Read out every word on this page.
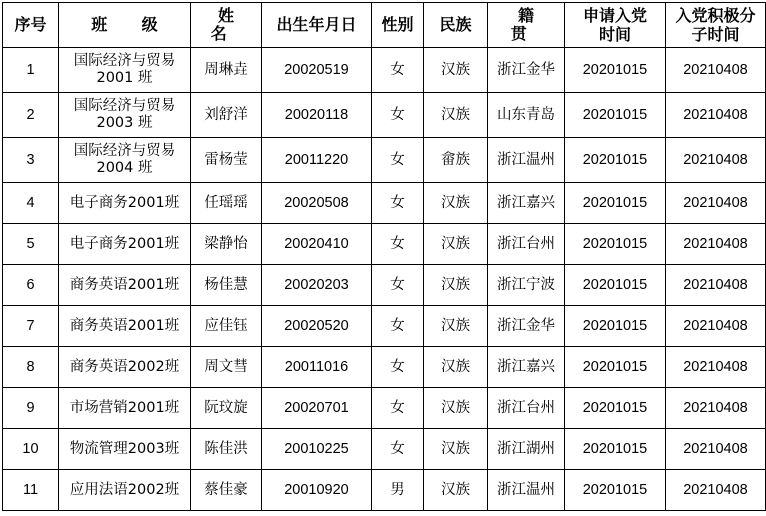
序号	班 级	姓 名	出生年月日	性别	民族	籍 贯	申请入党时间	入党积极分子时间
1	国际经济与贸易2001 班	周琳垚	20020519	女	汉族	浙江金华	20201015	20210408
2	国际经济与贸易2003 班	刘舒洋	20020118	女	汉族	山东青岛	20201015	20210408
3	国际经济与贸易2004 班	雷杨莹	20011220	女	畲族	浙江温州	20201015	20210408
4	电子商务2001班	任瑶瑶	20020508	女	汉族	浙江嘉兴	20201015	20210408
5	电子商务2001班	梁静怡	20020410	女	汉族	浙江台州	20201015	20210408
6	商务英语2001班	杨佳慧	20020203	女	汉族	浙江宁波	20201015	20210408
7	商务英语2001班	应佳钰	20020520	女	汉族	浙江金华	20201015	20210408
8	商务英语2002班	周文彗	20011016	女	汉族	浙江嘉兴	20201015	20210408
9	市场营销2001班	阮玟旋	20020701	女	汉族	浙江台州	20201015	20210408
10	物流管理2003班	陈佳洪	20010225	女	汉族	浙江湖州	20201015	20210408
11	应用法语2002班	蔡佳豪	20010920	男	汉族	浙江温州	20201015	20210408
